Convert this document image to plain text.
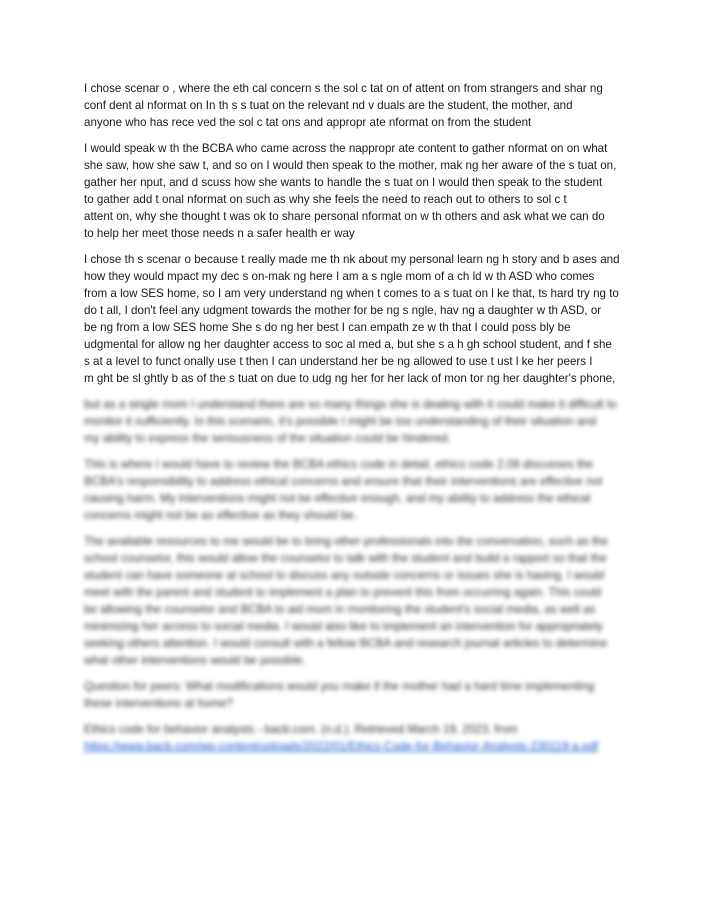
I chose scenar o , where the eth cal concern s the sol c tat on of attent on from strangers and shar ng
conf dent al nformat on In th s s tuat on the relevant nd v duals are the student, the mother, and
anyone who has rece ved the sol c tat ons and appropr ate nformat on from the student

I would speak w th the BCBA who came across the nappropr ate content to gather nformat on on what
she saw, how she saw t, and so on I would then speak to the mother, mak ng her aware of the s tuat on,
gather her nput, and d scuss how she wants to handle the s tuat on I would then speak to the student
to gather add t onal nformat on such as why she feels the need to reach out to others to sol c t
attent on, why she thought t was ok to share personal nformat on w th others and ask what we can do
to help her meet those needs n a safer health er way

I chose th s scenar o because t really made me th nk about my personal learn ng h story and b ases and
how they would mpact my dec s on-mak ng here I am a s ngle mom of a ch ld w th ASD who comes
from a low SES home, so I am very understand ng when t comes to a s tuat on l ke that, ts hard try ng to
do t all, I don't feel any udgment towards the mother for be ng s ngle, hav ng a daughter w th ASD, or
be ng from a low SES home She s do ng her best I can empath ze w th that I could poss bly be
udgmental for allow ng her daughter access to soc al med a, but she s a h gh school student, and f she
s at a level to funct onally use t then I can understand her be ng allowed to use t ust l ke her peers I
m ght be sl ghtly b as of the s tuat on due to udg ng her for her lack of mon tor ng her daughter's phone,

but as a single mom I understand there are so many things she is dealing with it could make it difficult to
monitor it sufficiently. In this scenario, it's possible I might be too understanding of their situation and
my ability to express the seriousness of the situation could be hindered.

This is where I would have to review the BCBA ethics code in detail, ethics code 2.09 discusses the
BCBA's responsibility to address ethical concerns and ensure that their interventions are effective not
causing harm. My interventions might not be effective enough, and my ability to address the ethical
concerns might not be as effective as they should be.

The available resources to me would be to bring other professionals into the conversation, such as the
school counselor, this would allow the counselor to talk with the student and build a rapport so that the
student can have someone at school to discuss any outside concerns or issues she is having. I would
meet with the parent and student to implement a plan to prevent this from occurring again. This could
be allowing the counselor and BCBA to aid mom in monitoring the student's social media, as well as
minimizing her access to social media. I would also like to implement an intervention for appropriately
seeking others attention. I would consult with a fellow BCBA and research journal articles to determine
what other interventions would be possible.

Question for peers: What modifications would you make if the mother had a hard time implementing
these interventions at home?

Ethics code for behavior analysts - bacb.com. (n.d.). Retrieved March 19, 2023, from
https://www.bacb.com/wp-content/uploads/2022/01/Ethics-Code-for-Behavior-Analysts-230119-a.pdf
